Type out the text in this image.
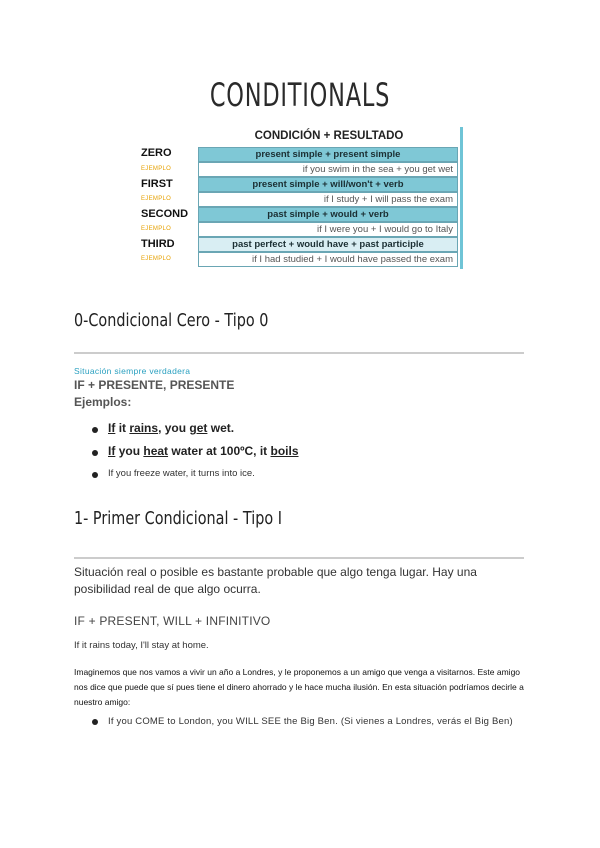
CONDITIONALS
CONDICIÓN + RESULTADO
ZERO	present simple + present simple
EJEMPLO	if you swim in the sea + you get wet
FIRST	present simple + will/won't + verb
EJEMPLO	if I study + I will pass the exam
SECOND	past simple + would + verb
EJEMPLO	if I were you + I would go to Italy
THIRD	past perfect + would have + past participle
EJEMPLO	if I had studied + I would have passed the exam
0-Condicional Cero - Tipo 0
Situación siempre verdadera
IF + PRESENTE, PRESENTE
Ejemplos:
If it rains, you get wet.
If you heat water at 100ºC, it boils
If you freeze water, it turns into ice.
1- Primer Condicional - Tipo I
Situación real o posible es bastante probable que algo tenga lugar. Hay una posibilidad real de que algo ocurra.
IF + PRESENT, WILL + INFINITIVO
If it rains today, I'll stay at home.
Imaginemos que nos vamos a vivir un año a Londres, y le proponemos a un amigo que venga a visitarnos. Este amigo nos dice que puede que sí pues tiene el dinero ahorrado y le hace mucha ilusión. En esta situación podríamos decirle a nuestro amigo:
If you COME to London, you WILL SEE the Big Ben. (Si vienes a Londres, verás el Big Ben)
